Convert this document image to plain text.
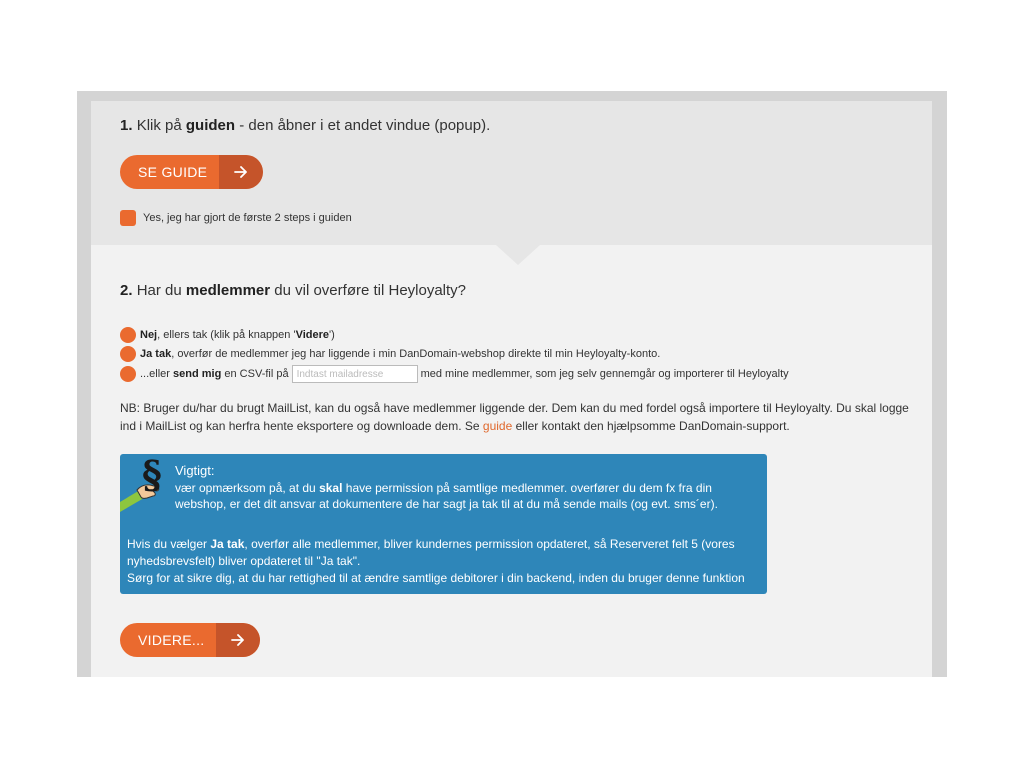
1. Klik på guiden - den åbner i et andet vindue (popup).
SE GUIDE
Yes, jeg har gjort de første 2 steps i guiden
2. Har du medlemmer du vil overføre til Heyloyalty?
Nej , ellers tak (klik på knappen ' Videre ')
Ja tak , overfør de medlemmer jeg har liggende i min DanDomain-webshop direkte til min Heyloyalty-konto.
...eller
send mig
en CSV-fil på
Indtast mailadresse	med mine medlemmer, som jeg selv gennemgår og importerer til Heyloyalty
NB: Bruger du/har du brugt MailList, kan du også have medlemmer liggende der. Dem kan du med fordel også importere til Heyloyalty. Du skal logge ind i MailList og kan herfra hente eksportere og downloade dem. Se guide eller kontakt den hjælpsomme DanDomain-support.
§ Vigtigt:
vær opmærksom på, at du skal have permission på samtlige medlemmer. overfører du dem fx fra din webshop, er det dit ansvar at dokumentere de har sagt ja tak til at du må sende mails (og evt. sms´er).
Hvis du vælger Ja tak, overfør alle medlemmer, bliver kundernes permission opdateret, så Reserveret felt 5 (vores nyhedsbrevsfelt) bliver opdateret til "Ja tak".
Sørg for at sikre dig, at du har rettighed til at ændre samtlige debitorer i din backend, inden du bruger denne funktion
VIDERE...
